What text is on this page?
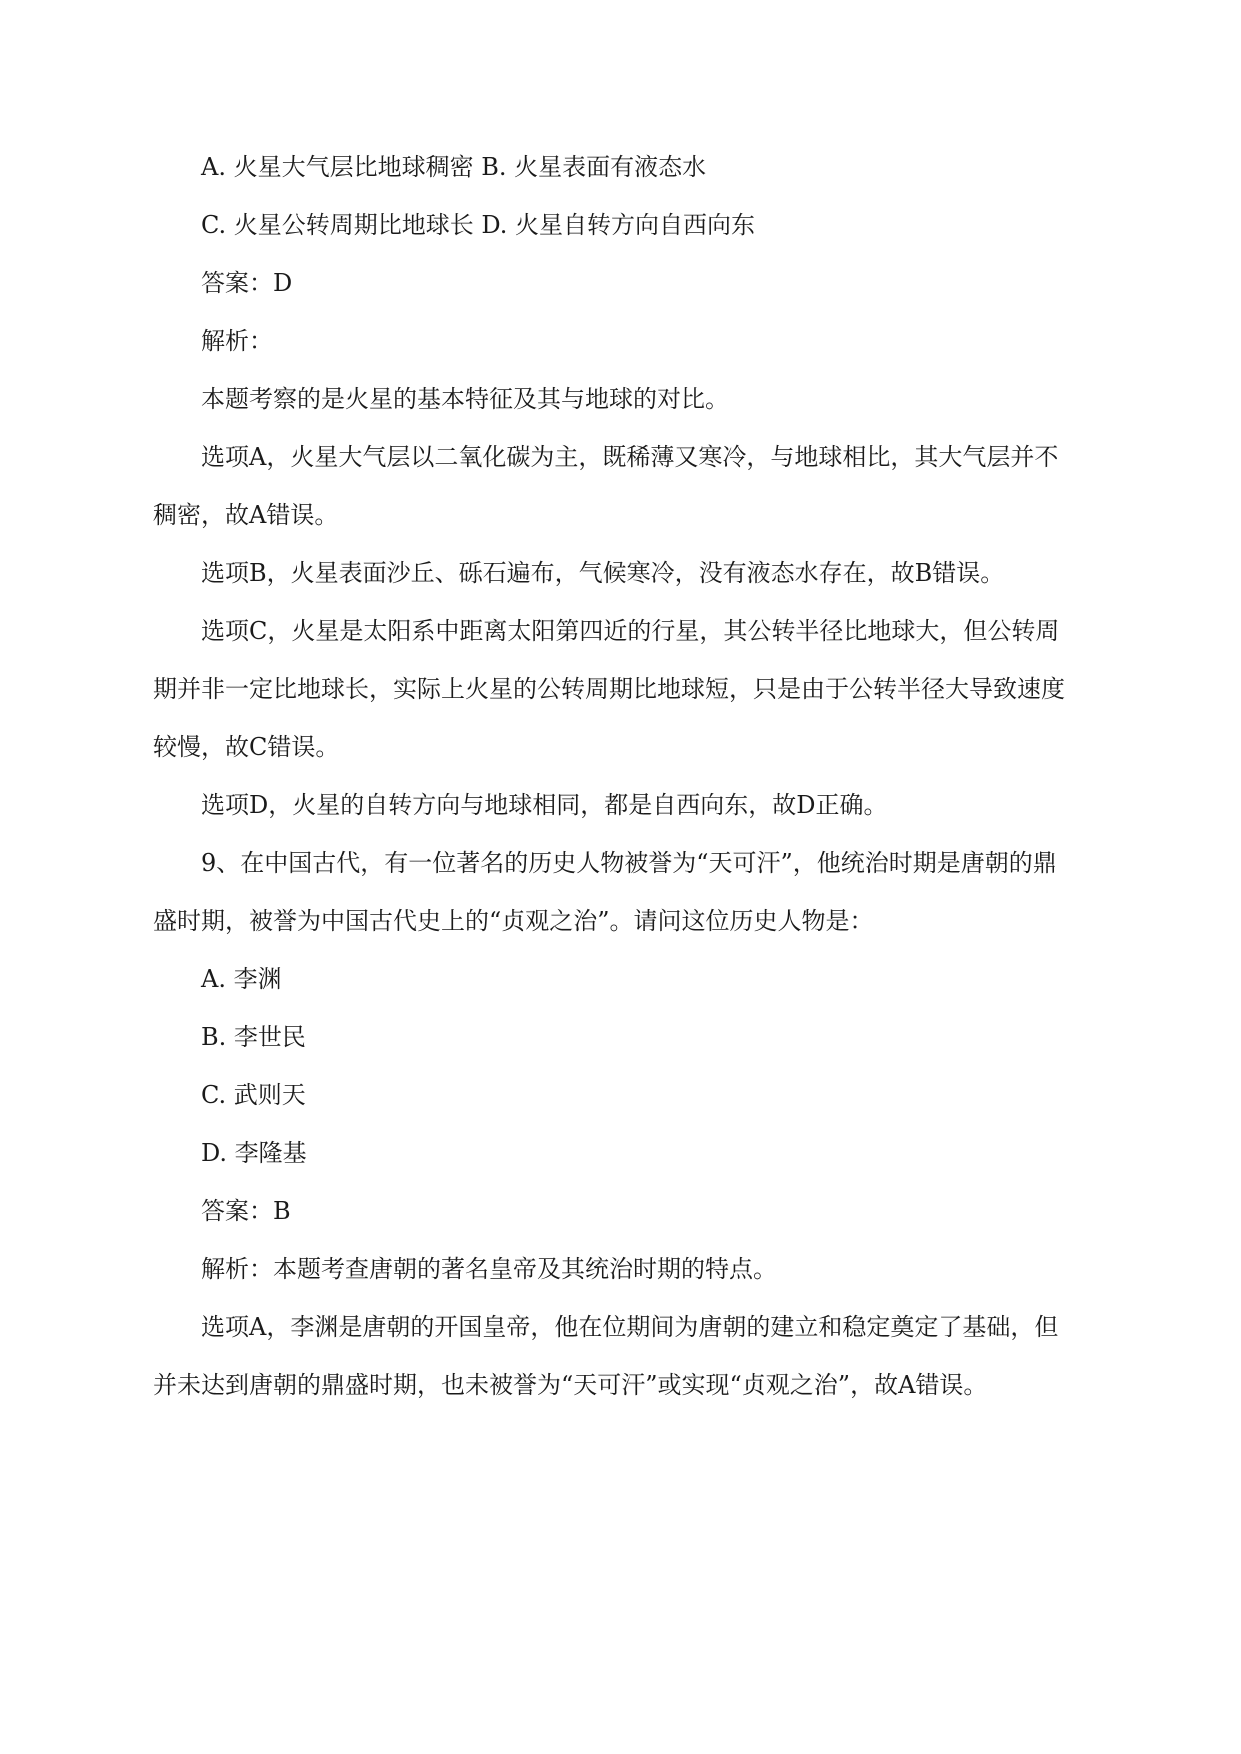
A. 火星大气层比地球稠密 B. 火星表面有液态水
C. 火星公转周期比地球长 D. 火星自转方向自西向东
答案：D
解析：
本题考察的是火星的基本特征及其与地球的对比。
选项A，火星大气层以二氧化碳为主，既稀薄又寒冷，与地球相比，其大气层并不
稠密，故A错误。
选项B，火星表面沙丘、砾石遍布，气候寒冷，没有液态水存在，故B错误。
选项C，火星是太阳系中距离太阳第四近的行星，其公转半径比地球大，但公转周
期并非一定比地球长，实际上火星的公转周期比地球短，只是由于公转半径大导致速度
较慢，故C错误。
选项D，火星的自转方向与地球相同，都是自西向东，故D正确。
9、在中国古代，有一位著名的历史人物被誉为“天可汗”，他统治时期是唐朝的鼎
盛时期，被誉为中国古代史上的“贞观之治”。请问这位历史人物是：
A. 李渊
B. 李世民
C. 武则天
D. 李隆基
答案：B
解析：本题考查唐朝的著名皇帝及其统治时期的特点。
选项A，李渊是唐朝的开国皇帝，他在位期间为唐朝的建立和稳定奠定了基础，但
并未达到唐朝的鼎盛时期，也未被誉为“天可汗”或实现“贞观之治”，故A错误。
